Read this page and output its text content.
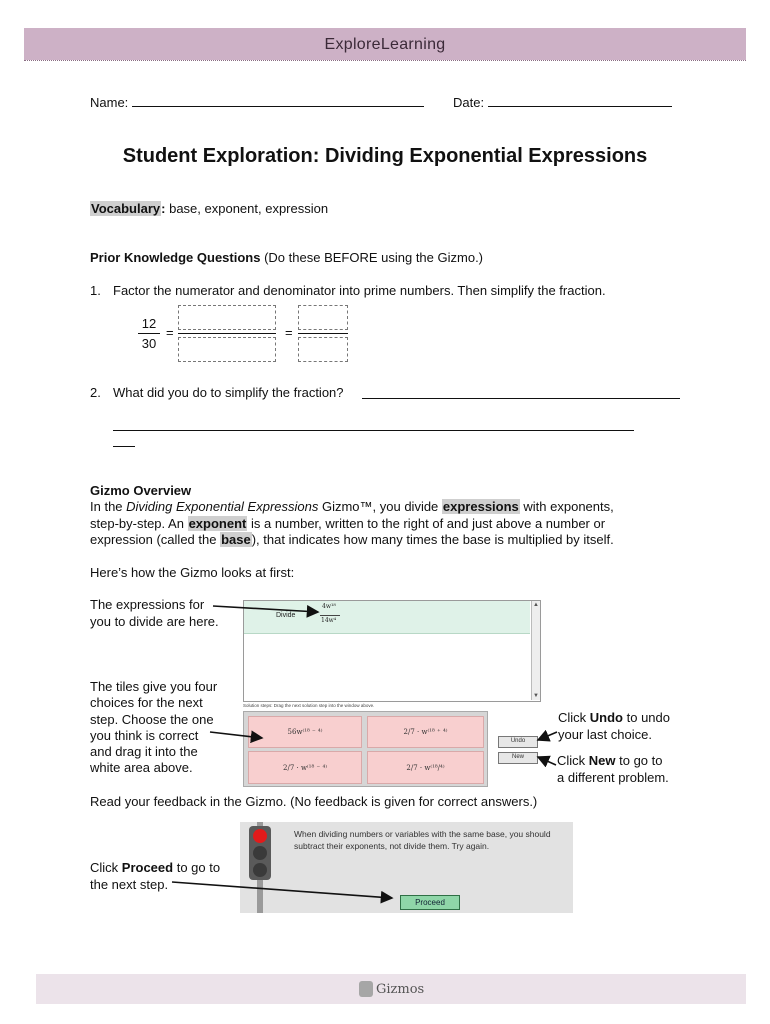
ExploreLearning
Name:	Date:
Student Exploration: Dividing Exponential Expressions
Vocabulary: base, exponent, expression
Prior Knowledge Questions (Do these BEFORE using the Gizmo.)
1. Factor the numerator and denominator into prime numbers. Then simplify the fraction.
12
30
=	=
2. What did you do to simplify the fraction?
Gizmo Overview
In the Dividing Exponential Expressions Gizmo™, you divide expressions with exponents,
step-by-step. An exponent is a number, written to the right of and just above a number or
expression (called the base), that indicates how many times the base is multiplied by itself.
Here’s how the Gizmo looks at first:
The expressions for
you to divide are here.
The tiles give you four
choices for the next
step. Choose the one
you think is correct
and drag it into the
white area above.
Divide
4w¹⁸
14w⁴
▲
▼
Solution steps: Drag the next solution step into the window above.
56w⁽¹⁸ ⁻ ⁴⁾	2/7 · w⁽¹⁸ ⁺ ⁴⁾
2/7 · w⁽¹⁸ ⁻ ⁴⁾	2/7 · w⁽¹⁸/⁴⁾
Undo
New
Click Undo to undo
your last choice.
Click New to go to
a different problem.
Read your feedback in the Gizmo. (No feedback is given for correct answers.)
When dividing numbers or variables with the same base, you should
subtract their exponents, not divide them. Try again.
Proceed
Click Proceed to go to
the next step.
Gizmos
